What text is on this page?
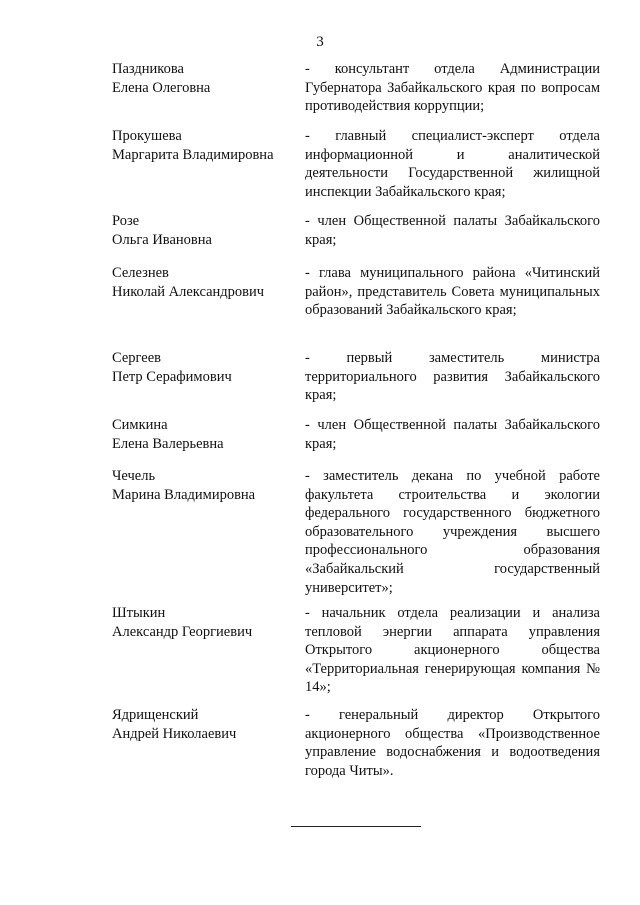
3
Паздникова
Елена Олеговна
- консультант отдела Администрации Губернатора Забайкальского края по вопросам противодействия коррупции;
Прокушева
Маргарита Владимировна
- главный специалист-эксперт отдела информационной и аналитической деятельности Государственной жилищной инспекции Забайкальского края;
Розе
Ольга Ивановна
- член Общественной палаты Забайкальского края;
Селезнев
Николай Александрович
- глава муниципального района «Читинский район», представитель Совета муниципальных образований Забайкальского края;
Сергеев
Петр Серафимович
- первый заместитель министра территориального развития Забайкальского края;
Симкина
Елена Валерьевна
- член Общественной палаты Забайкальского края;
Чечель
Марина Владимировна
- заместитель декана по учебной работе факультета строительства и экологии федерального государственного бюджетного образовательного учреждения высшего профессионального образования «Забайкальский государственный университет»;
Штыкин
Александр Георгиевич
- начальник отдела реализации и анализа тепловой энергии аппарата управления Открытого акционерного общества «Территориальная генерирующая компания № 14»;
Ядрищенский
Андрей Николаевич
- генеральный директор Открытого акционерного общества «Производственное управление водоснабжения и водоотведения города Читы».
